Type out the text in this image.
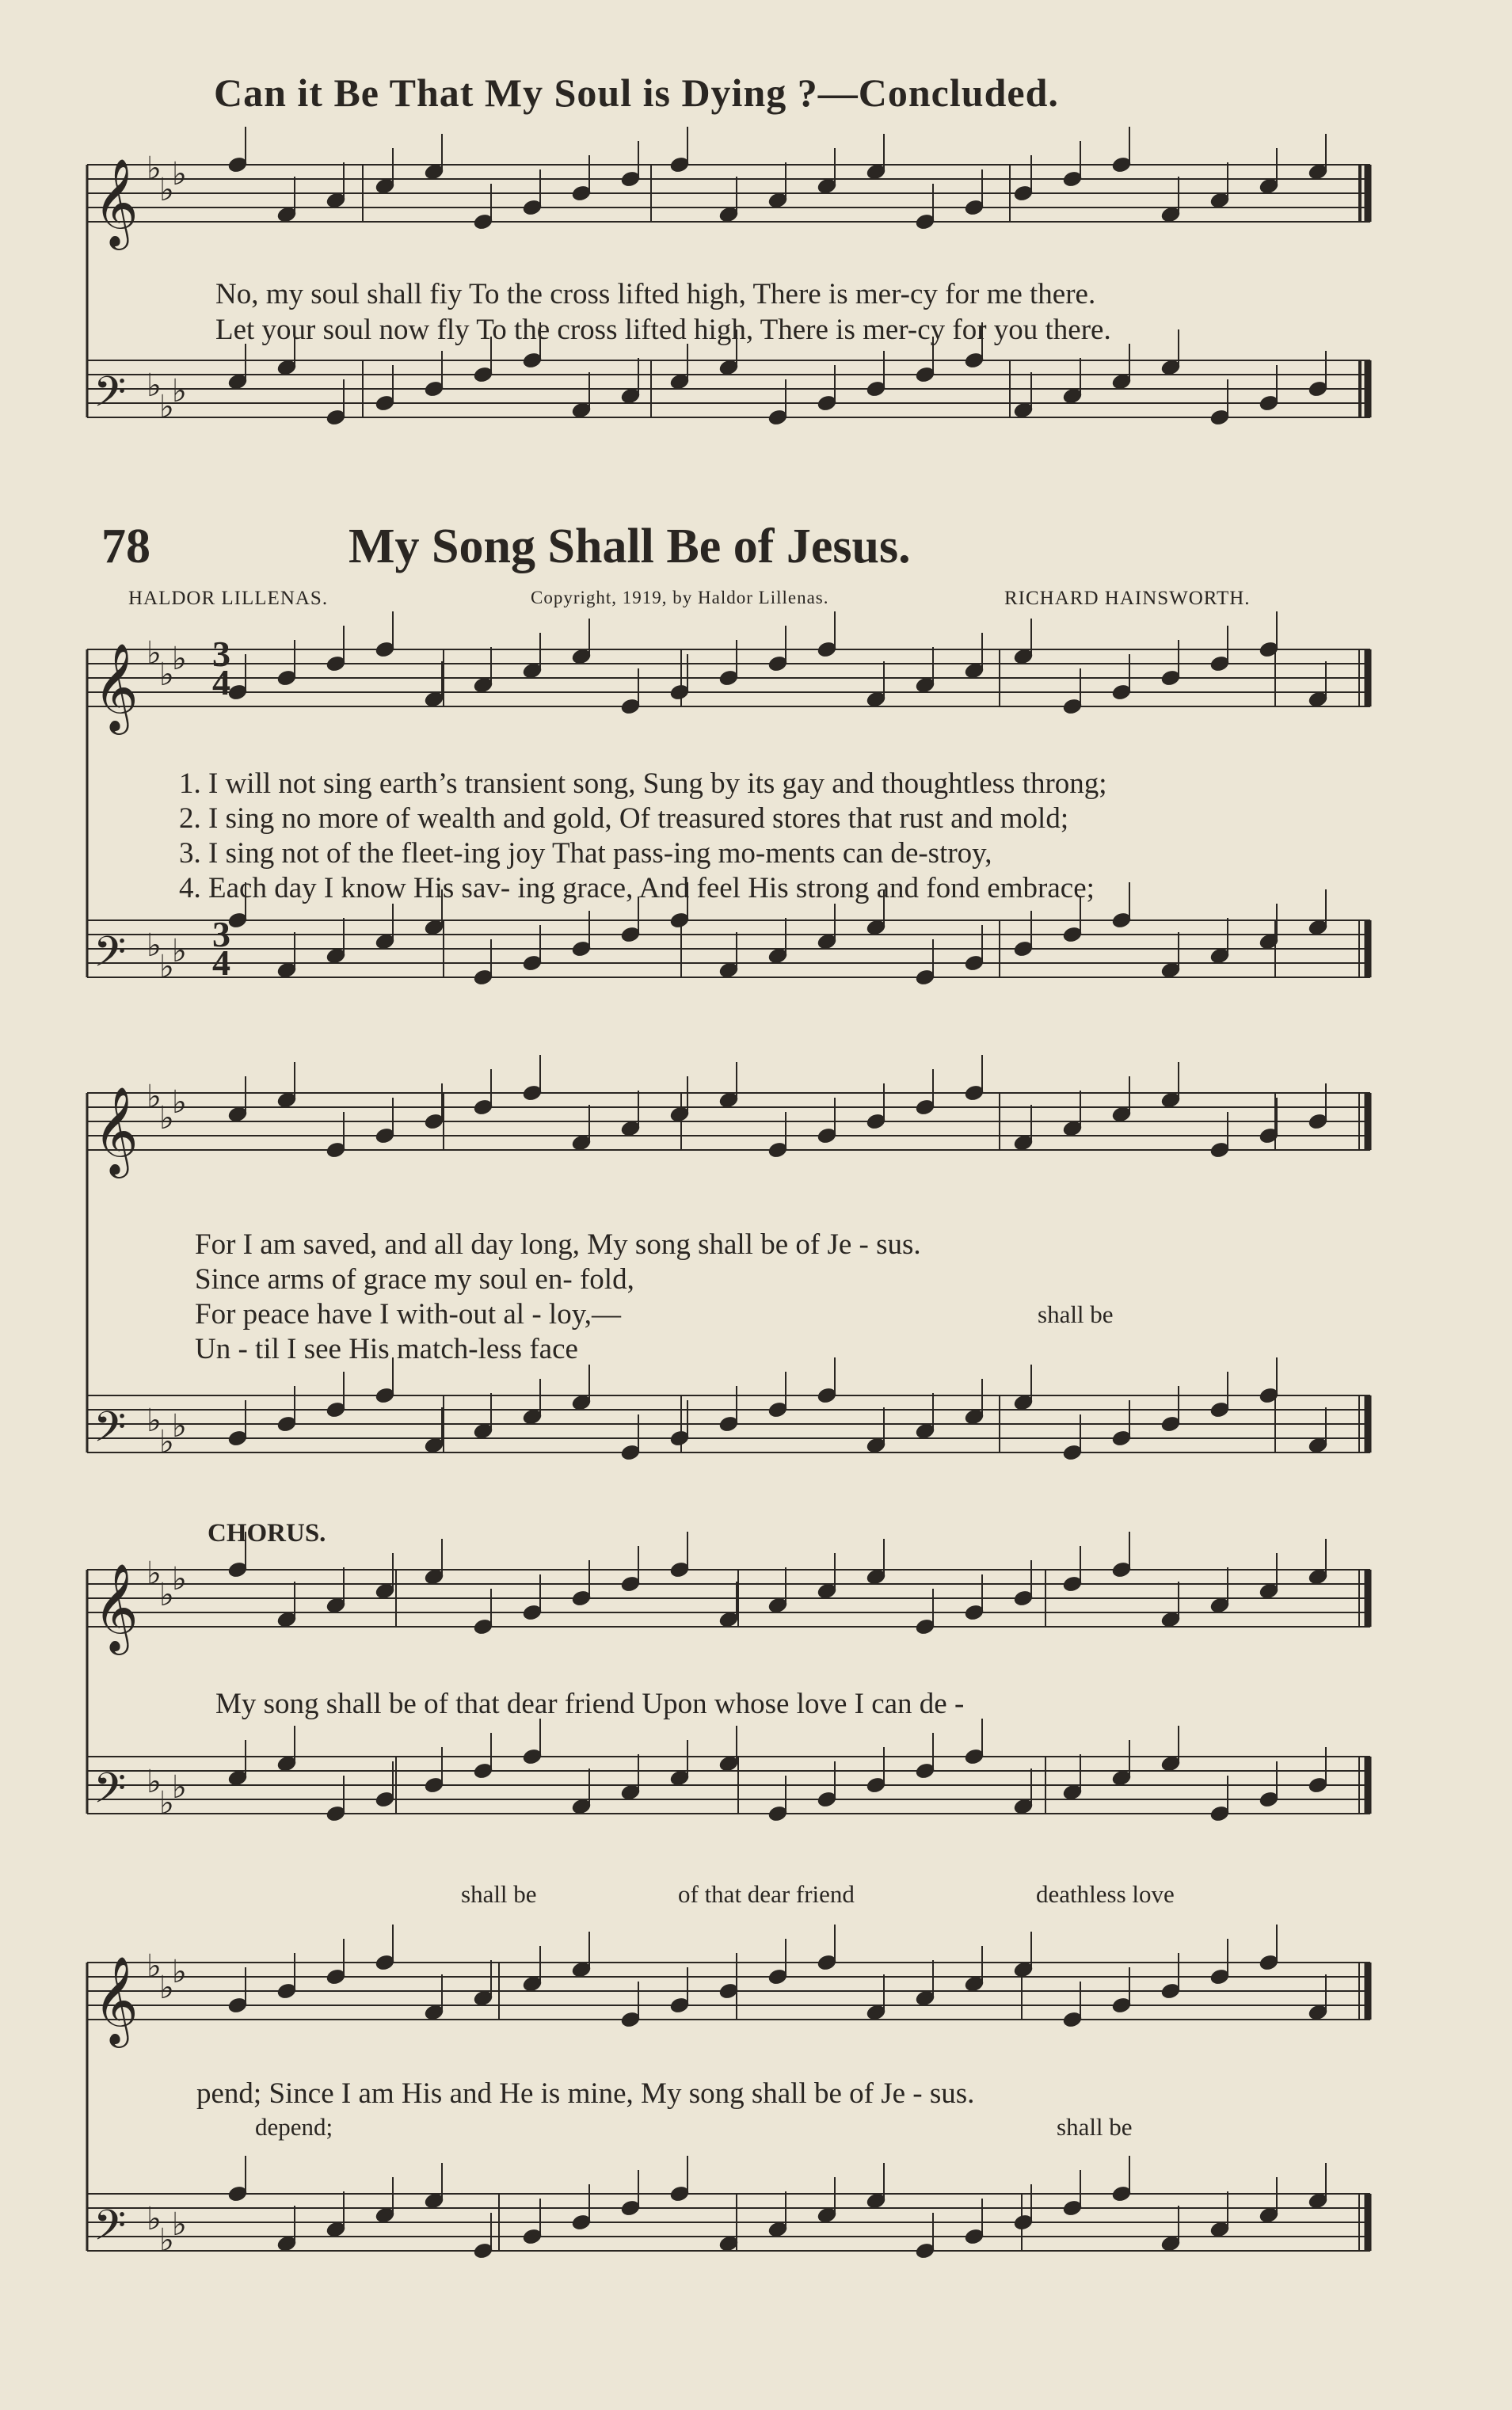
𝄞 ♭
♭
♭
𝄢 ♭
♭
♭
𝄞 ♭
♭
♭
𝄢 ♭
♭
♭
𝄞 ♭
♭
♭
𝄢 ♭
♭
♭
𝄞 ♭
♭
♭
𝄢 ♭
♭
♭
𝄞 ♭
♭
♭
𝄢 ♭
♭
♭
Can it Be That My Soul is Dying ?—Concluded.
No, my soul shall fiy To the cross lifted high, There is mer-cy for me there.
Let your soul now fly To the cross lifted high, There is mer-cy for you there.
78	My Song Shall Be of Jesus.
HALDOR LILLENAS.	Copyright, 1919, by Haldor Lillenas.	RICHARD HAINSWORTH.
3
4
3
4
1. I will not sing earth’s transient song, Sung by its gay and thoughtless throng;
2. I sing no more of wealth and gold, Of treasured stores that rust and mold;
3. I sing not of the fleet-ing joy That pass-ing mo-ments can de-stroy,
4. Each day I know His sav- ing grace, And feel His strong and fond embrace;
For I am saved, and all day long, My song shall be of Je - sus.
Since arms of grace my soul en- fold,
For peace have I with-out al - loy,—
Un - til I see His match-less face
shall be
CHORUS.
My song shall be of that dear friend Upon whose love I can de -
shall be	of that dear friend	deathless love
pend; Since I am His and He is mine, My song shall be of Je - sus.
depend;	shall be
